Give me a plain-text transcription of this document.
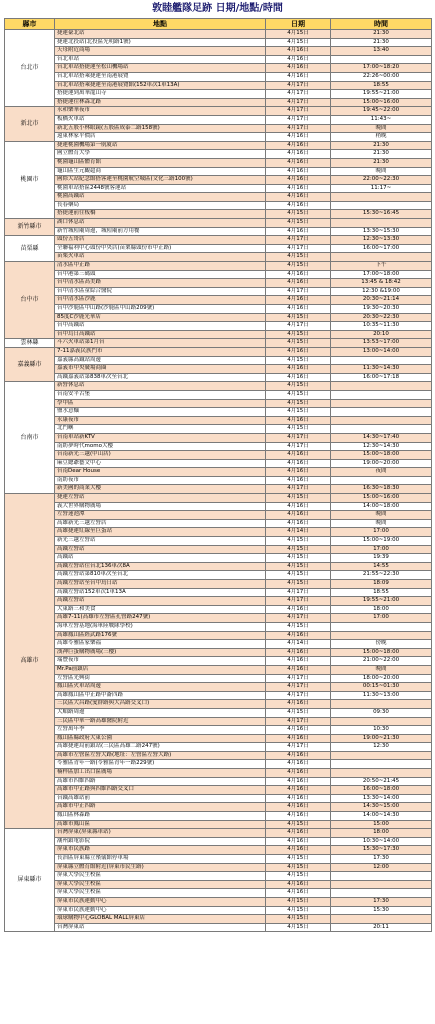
敦睦艦隊足跡 日期/地點/時間
縣市	地點	日期	時間
台北市	捷運臺北站	4月15日	21:30
	捷運北投站(北投區光明路1號)	4月15日	21:30
	天母附近商場	4月16日	13:40
	台北車站	4月16日	
	台北車站搭捷運至松山機場站	4月16日	17:00~18:20
	台北車站搭乘捷運至南港展覽	4月16日	22:26~00:00
	台北車站搭乘捷運至南港展覽館(152車次1車13A)	4月17日	18:55
	搭捷運到萬華龍山寺	4月17日	19:55~21:00
	搭捷運往林森北路	4月17日	15:00~16:00
新北市	永和樂華夜市	4月17日	19:45~22:00
	板橋火車站	4月17日	11:43~
	新北五股小林眼鏡(五股區成泰二路158號)	4月17日	晚間
	遠東林家平價店	4月16日	稍晚
桃園市	捷運桃園機場第一航廈站	4月16日	21:30
	國立體育大學	4月16日	21:30
	桃園龜山區體育館	4月16日	21:30
	龜山區生元觀超商	4月16日	晚間
	國際大站紀念館搭客運至桃園航空城區(文化三路100號)	4月16日	22:00~22:30
	桃園車站搭區2448號客運站	4月16日	11:17~
	桃園高鐵站	4月16日	
	長春藥局	4月16日	
	搭捷運前往板橋	4月15日	15:30~16:45
新竹縣市	湖口休息站	4月15日	
	新竹城隍廟周邊，城隍廟前方用餐	4月16日	13:30~15:30
苗栗縣	頭份五哥店	4月17日	12:30~13:30
	全聯福利中心頭份中央店(苗栗縣頭份市中正路)	4月17日	16:00~17:00
	苗栗火車站	4月15日	
台中市	清水區中正路	4月15日	下午
	台中港第三碼頭	4月16日	17:00~18:00
	台中清水區高美路	4月16日	13:45 & 18:42
	台中清水區童綜合醫院	4月17日	12:30 &19:00
	台中清水區沙鹿	4月16日	20:30~21:14
	台中沙鹿區中山路(沙鹿區中山路209號)	4月16日	19:30~20:30
	85度C沙鹿光華店	4月15日	20:30~22:30
	台中高鐵站	4月17日	10:35~11:30
	台中烏日高鐵站	4月15日	20:10
雲林縣	斗六火車站第1月台	4月15日	13:53~17:00
嘉義縣市	7-11嘉義民族門市	4月16日	13:00~14:00
	嘉義縣高鐵站周邊	4月15日	
	嘉義市中央廣場商圈	4月16日	11:30~14:30
	高鐵嘉義站第838車次至台北	4月16日	16:00~17:18
台南市	新營休息站	4月15日	
	台南安平古堡	4月15日	
	學甲區	4月15日	
	鹽水意麵	4月15日	
	永康夜市	4月16日	
	北門嶼	4月15日	
	台南車站新KTV	4月17日	14:30~17:40
	南紡夢時代momo大樓	4月17日	12:30~14:30
	台南新光三越(中山店)	4月16日	15:00~18:00
	麻豆總爺藝文中心	4月16日	19:00~20:00
	台南Dear House	4月16日	夜間
	南紡夜市	4月16日	
	新美國的商業大樓	4月17日	16:30~18:30
高雄市	捷運左營站	4月15日	15:00~16:00
	義大世界購物廣場	4月16日	14:00~18:00
	左營蓮池潭	4月16日	晚間
	高雄新光三越左營店	4月16日	晚間
	高雄捷運紅線至巨蛋站	4月14日	17:00
	新光三越左營站	4月15日	15:00~19:00
	高鐵左營站	4月15日	17:00
	高鐵站	4月15日	19:39
	高鐵左營站往台北136車次8A	4月15日	14:55
	高鐵左營站第810車次至台北	4月15日	21:55~22:30
	高鐵左營站至台中鳥日站	4月15日	18:09
	高鐵左營站152車次1車13A	4月17日	18:55
	高鐵左營站	4月17日	19:55~21:00
	大東路三和美食	4月16日	18:00
	高雄7-11(高雄市左營區孔營路247號)	4月17日	17:00
	海軍左營基地(海軍陸戰隊學校)	4月15日	
	高雄鳳山區經武路176號	4月16日	
	高雄苓雅區家樂福	4月14日	傍晚
	漢神巨蛋購物廣場(三樓)	4月16日	15:00~18:00
	瑞豐夜市	4月16日	21:00~22:00
	Mr.Pa前鎮店	4月16日	晚間
	左營區光興街	4月17日	18:00~20:00
	鳳山區火車站周邊	4月17日	00:15~01:30
	高雄鳳山區中正路中崙四路	4月17日	11:30~13:00
	三民區大昌路(愛群路與大昌路交叉口)	4月16日	
	大順路周邊	4月15日	09:30
	三民區中華一路高雄醫院附近	4月17日	
	左營萬年季	4月16日	10:30
	鳳山區縣政府大東公園	4月16日	19:00~21:30
	高雄捷運局前鎮站(三民區高雄二路247號)	4月17日	12:30
	高雄市左營區左營大路(地址：左營區左營大路)	4月16日	
	苓雅區青年一路(苓雅區青年一路229號)	4月16日	
	楠梓區加工出口區廣場	4月16日	
	高雄市四維四路	4月16日	20:50~21:45
	高雄市中正路與四維四路交叉口	4月16日	16:00~18:00
	台鐵高雄站前	4月16日	13:30~14:00
	高雄市中正四路	4月16日	14:30~15:00
	鳳山區林森路	4月16日	14:00~14:30
	高雄市鳳山區	4月15日	15:00
屏東縣市	台灣屏東(屏東縣車站)	4月16日	18:00
	潮州鎮電影院	4月16日	10:30~14:00
	屏東市民族路	4月16日	15:30~17:30
	長治區屏東縣立殯儀館停車場	4月15日	17:30
	屏東縣立體育館附近(屏東市民生路)	4月15日	12:00
	屏東大學民生校區	4月15日	
	屏東大學民生校區	4月16日	
	屏東大學民生校區	4月16日	
	屏東市民族運動中心	4月15日	17:30
	屏東市民族運動中心	4月15日	15:30
	環球購物中心GLOBAL MALL屏東店	4月15日	
	台灣屏東站	4月15日	20:11
